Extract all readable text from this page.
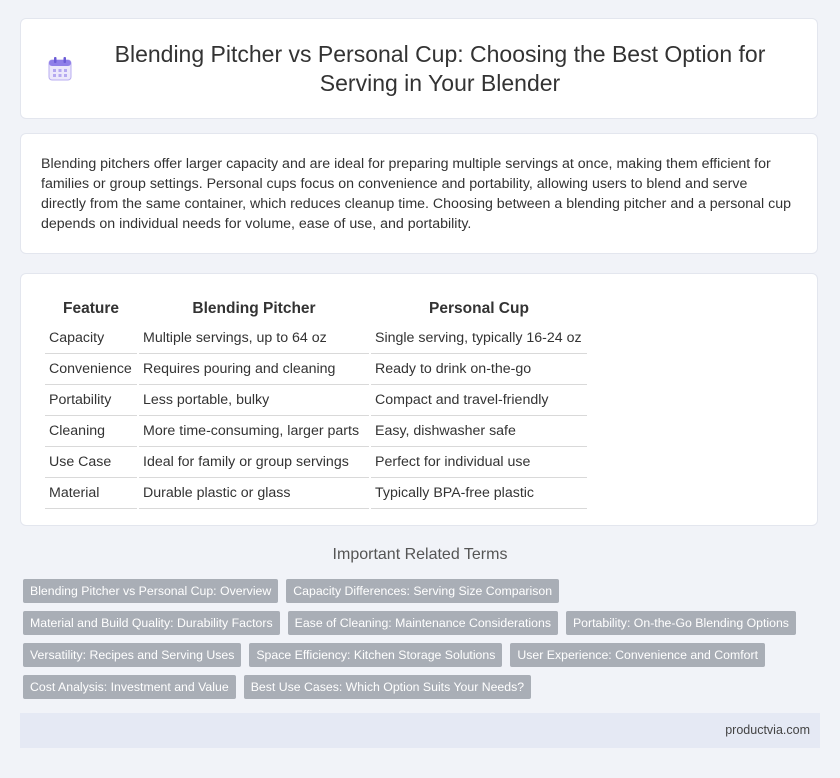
Blending Pitcher vs Personal Cup: Choosing the Best Option for Serving in Your Blender

Blending pitchers offer larger capacity and are ideal for preparing multiple servings at once, making them efficient for families or group settings. Personal cups focus on convenience and portability, allowing users to blend and serve directly from the same container, which reduces cleanup time. Choosing between a blending pitcher and a personal cup depends on individual needs for volume, ease of use, and portability.

Feature	Blending Pitcher	Personal Cup
Capacity	Multiple servings, up to 64 oz	Single serving, typically 16-24 oz
Convenience	Requires pouring and cleaning	Ready to drink on-the-go
Portability	Less portable, bulky	Compact and travel-friendly
Cleaning	More time-consuming, larger parts	Easy, dishwasher safe
Use Case	Ideal for family or group servings	Perfect for individual use
Material	Durable plastic or glass	Typically BPA-free plastic
Important Related Terms
Blending Pitcher vs Personal Cup: Overview	Capacity Differences: Serving Size Comparison
Material and Build Quality: Durability Factors	Ease of Cleaning: Maintenance Considerations	Portability: On-the-Go Blending Options
Versatility: Recipes and Serving Uses	Space Efficiency: Kitchen Storage Solutions	User Experience: Convenience and Comfort
Cost Analysis: Investment and Value	Best Use Cases: Which Option Suits Your Needs?
productvia.com
